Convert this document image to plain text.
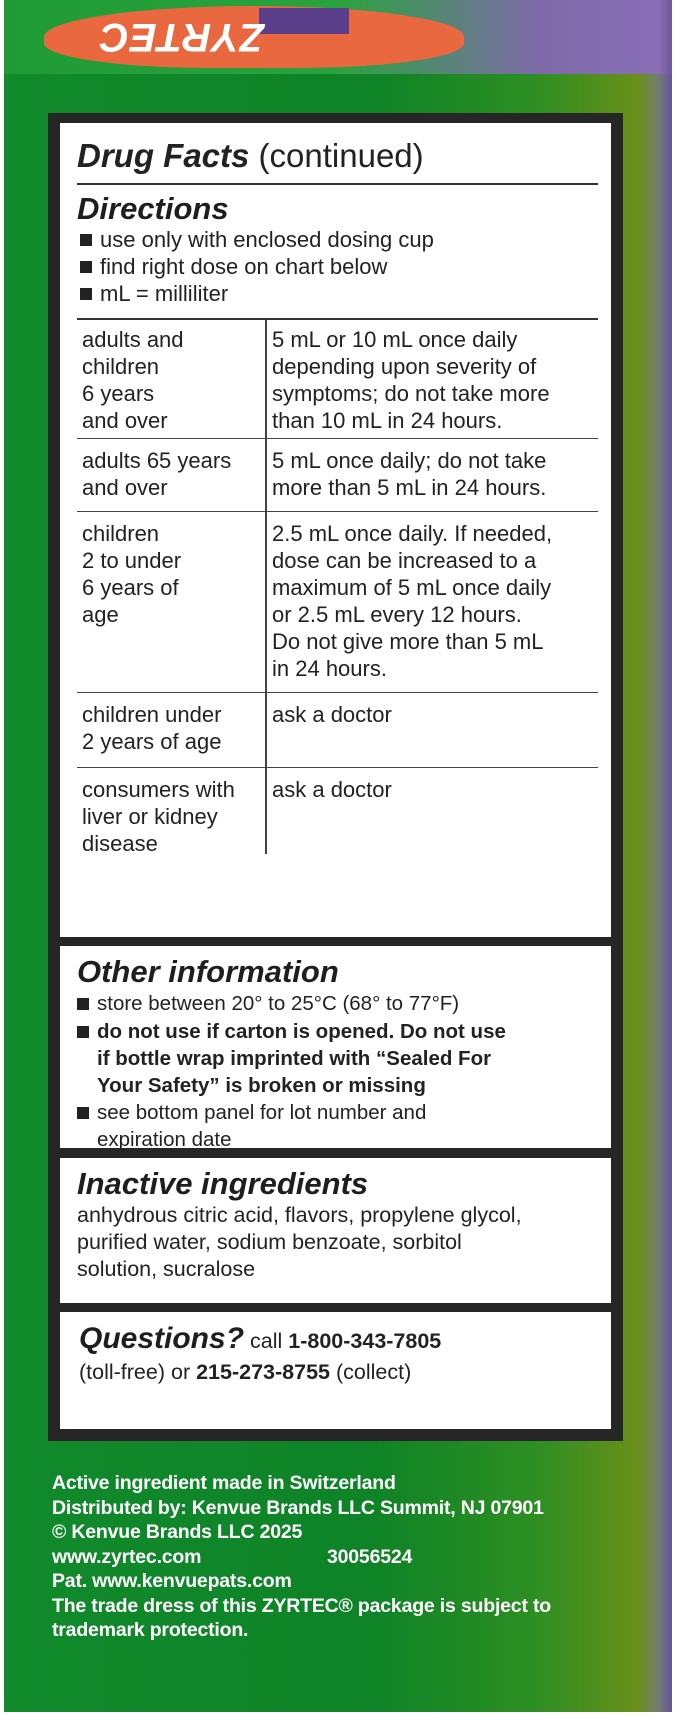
ZYRTEC
Drug Facts (continued)
Directions
use only with enclosed dosing cup
find right dose on chart below
mL = milliliter
adults and
children
6 years
and over
5 mL or 10 mL once daily
depending upon severity of
symptoms; do not take more
than 10 mL in 24 hours.
adults 65 years
and over
5 mL once daily; do not take
more than 5 mL in 24 hours.
children
2 to under
6 years of
age
2.5 mL once daily. If needed,
dose can be increased to a
maximum of 5 mL once daily
or 2.5 mL every 12 hours.
Do not give more than 5 mL
in 24 hours.
children under
2 years of age
ask a doctor
consumers with
liver or kidney
disease
ask a doctor
Other information
store between 20° to 25°C (68° to 77°F)
do not use if carton is opened. Do not use
if bottle wrap imprinted with “Sealed For
Your Safety” is broken or missing
see bottom panel for lot number and
expiration date
Inactive ingredients
anhydrous citric acid, flavors, propylene glycol,
purified water, sodium benzoate, sorbitol
solution, sucralose
Questions? call 1-800-343-7805
(toll-free) or 215-273-8755 (collect)
Active ingredient made in Switzerland
Distributed by: Kenvue Brands LLC Summit, NJ 07901
© Kenvue Brands LLC 2025
www.zyrtec.com	30056524
Pat. www.kenvuepats.com
The trade dress of this ZYRTEC® package is subject to
trademark protection.
